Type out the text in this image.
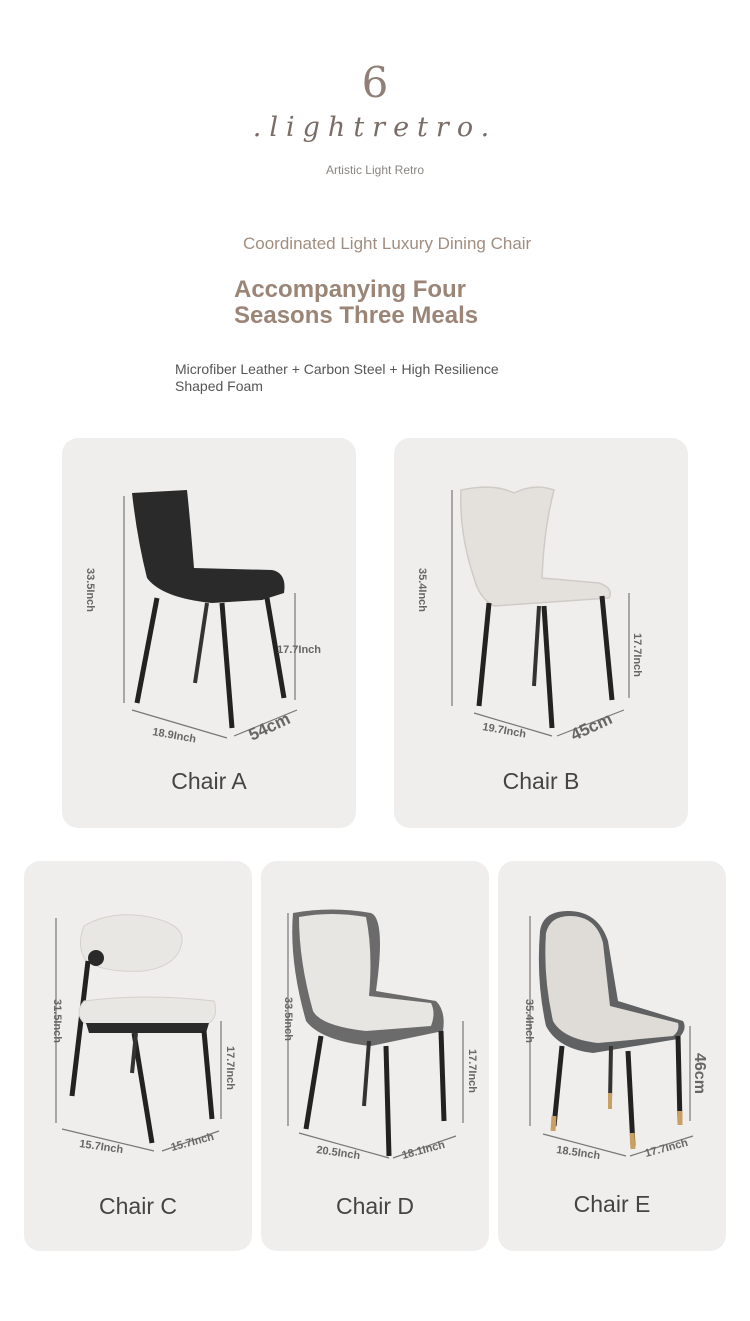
6
.lightretro.
Artistic Light Retro
Coordinated Light Luxury Dining Chair
Accompanying Four
Seasons Three Meals
Microfiber Leather + Carbon Steel + High Resilience
Shaped Foam
33.5Inch
17.7Inch
18.9Inch	54cm
Chair A
35.4Inch
17.7Inch
19.7Inch 45cm
Chair B
31.5Inch
17.7Inch
15.7Inch	15.7Inch
Chair C
33.5Inch
17.7Inch
20.5Inch	18.1Inch
Chair D
35.4Inch
46cm
18.5Inch	17.7Inch
Chair E
